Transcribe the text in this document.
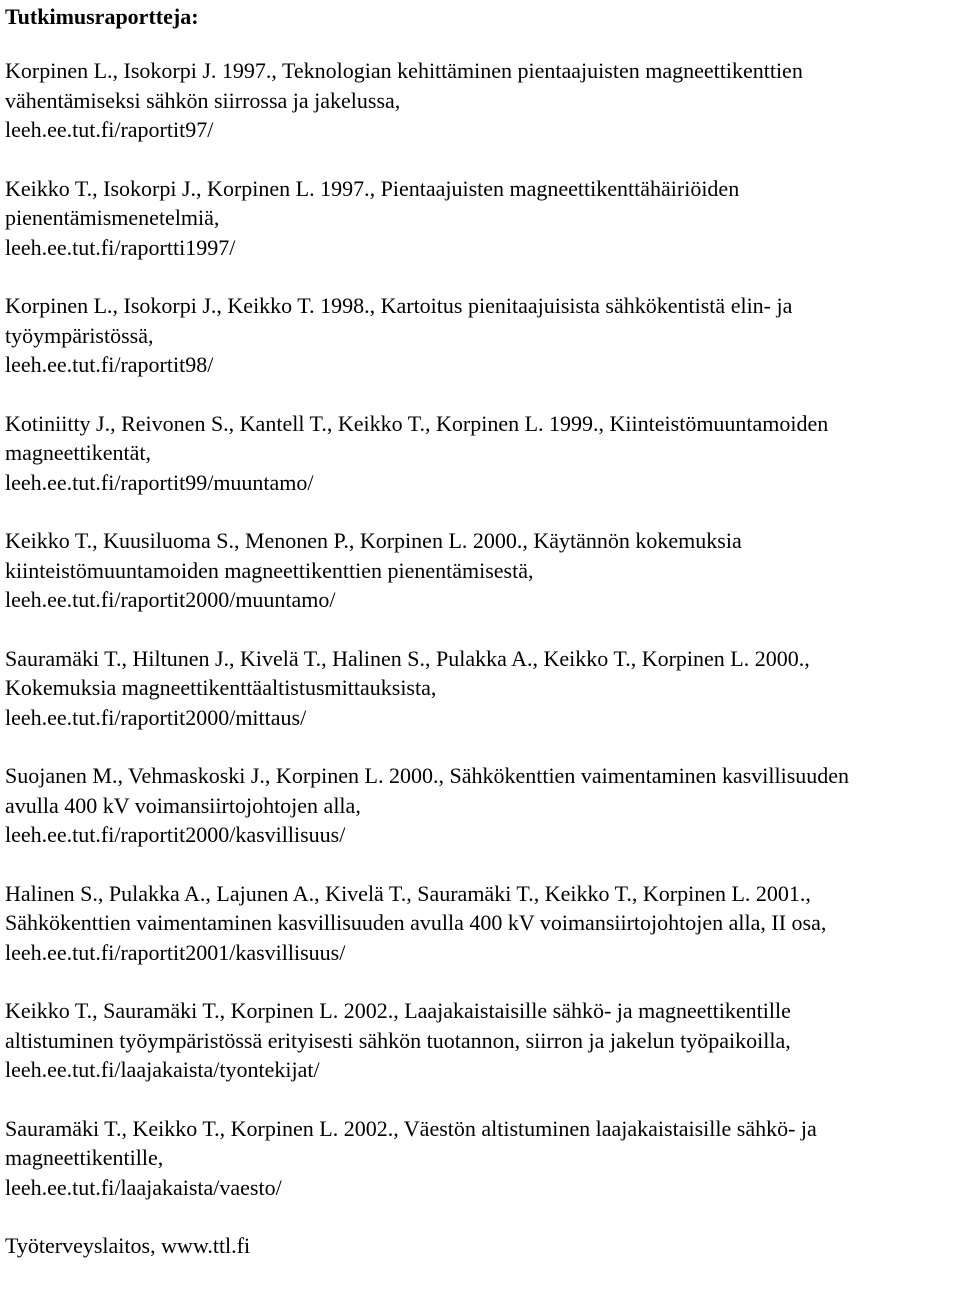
Tutkimusraportteja:

Korpinen L., Isokorpi J. 1997., Teknologian kehittäminen pientaajuisten magneettikenttien

vähentämiseksi sähkön siirrossa ja jakelussa,

leeh.ee.tut.fi/raportit97/

Keikko T., Isokorpi J., Korpinen L. 1997., Pientaajuisten magneettikenttähäiriöiden

pienentämismenetelmiä,

leeh.ee.tut.fi/raportti1997/

Korpinen L., Isokorpi J., Keikko T. 1998., Kartoitus pienitaajuisista sähkökentistä elin- ja

työympäristössä,

leeh.ee.tut.fi/raportit98/

Kotiniitty J., Reivonen S., Kantell T., Keikko T., Korpinen L. 1999., Kiinteistömuuntamoiden

magneettikentät,

leeh.ee.tut.fi/raportit99/muuntamo/

Keikko T., Kuusiluoma S., Menonen P., Korpinen L. 2000., Käytännön kokemuksia

kiinteistömuuntamoiden magneettikenttien pienentämisestä,

leeh.ee.tut.fi/raportit2000/muuntamo/

Sauramäki T., Hiltunen J., Kivelä T., Halinen S., Pulakka A., Keikko T., Korpinen L. 2000.,

Kokemuksia magneettikenttäaltistusmittauksista,

leeh.ee.tut.fi/raportit2000/mittaus/

Suojanen M., Vehmaskoski J., Korpinen L. 2000., Sähkökenttien vaimentaminen kasvillisuuden

avulla 400 kV voimansiirtojohtojen alla,

leeh.ee.tut.fi/raportit2000/kasvillisuus/

Halinen S., Pulakka A., Lajunen A., Kivelä T., Sauramäki T., Keikko T., Korpinen L. 2001.,

Sähkökenttien vaimentaminen kasvillisuuden avulla 400 kV voimansiirtojohtojen alla, II osa,

leeh.ee.tut.fi/raportit2001/kasvillisuus/

Keikko T., Sauramäki T., Korpinen L. 2002., Laajakaistaisille sähkö- ja magneettikentille

altistuminen työympäristössä erityisesti sähkön tuotannon, siirron ja jakelun työpaikoilla,

leeh.ee.tut.fi/laajakaista/tyontekijat/

Sauramäki T., Keikko T., Korpinen L. 2002., Väestön altistuminen laajakaistaisille sähkö- ja

magneettikentille,

leeh.ee.tut.fi/laajakaista/vaesto/

Työterveyslaitos, www.ttl.fi
